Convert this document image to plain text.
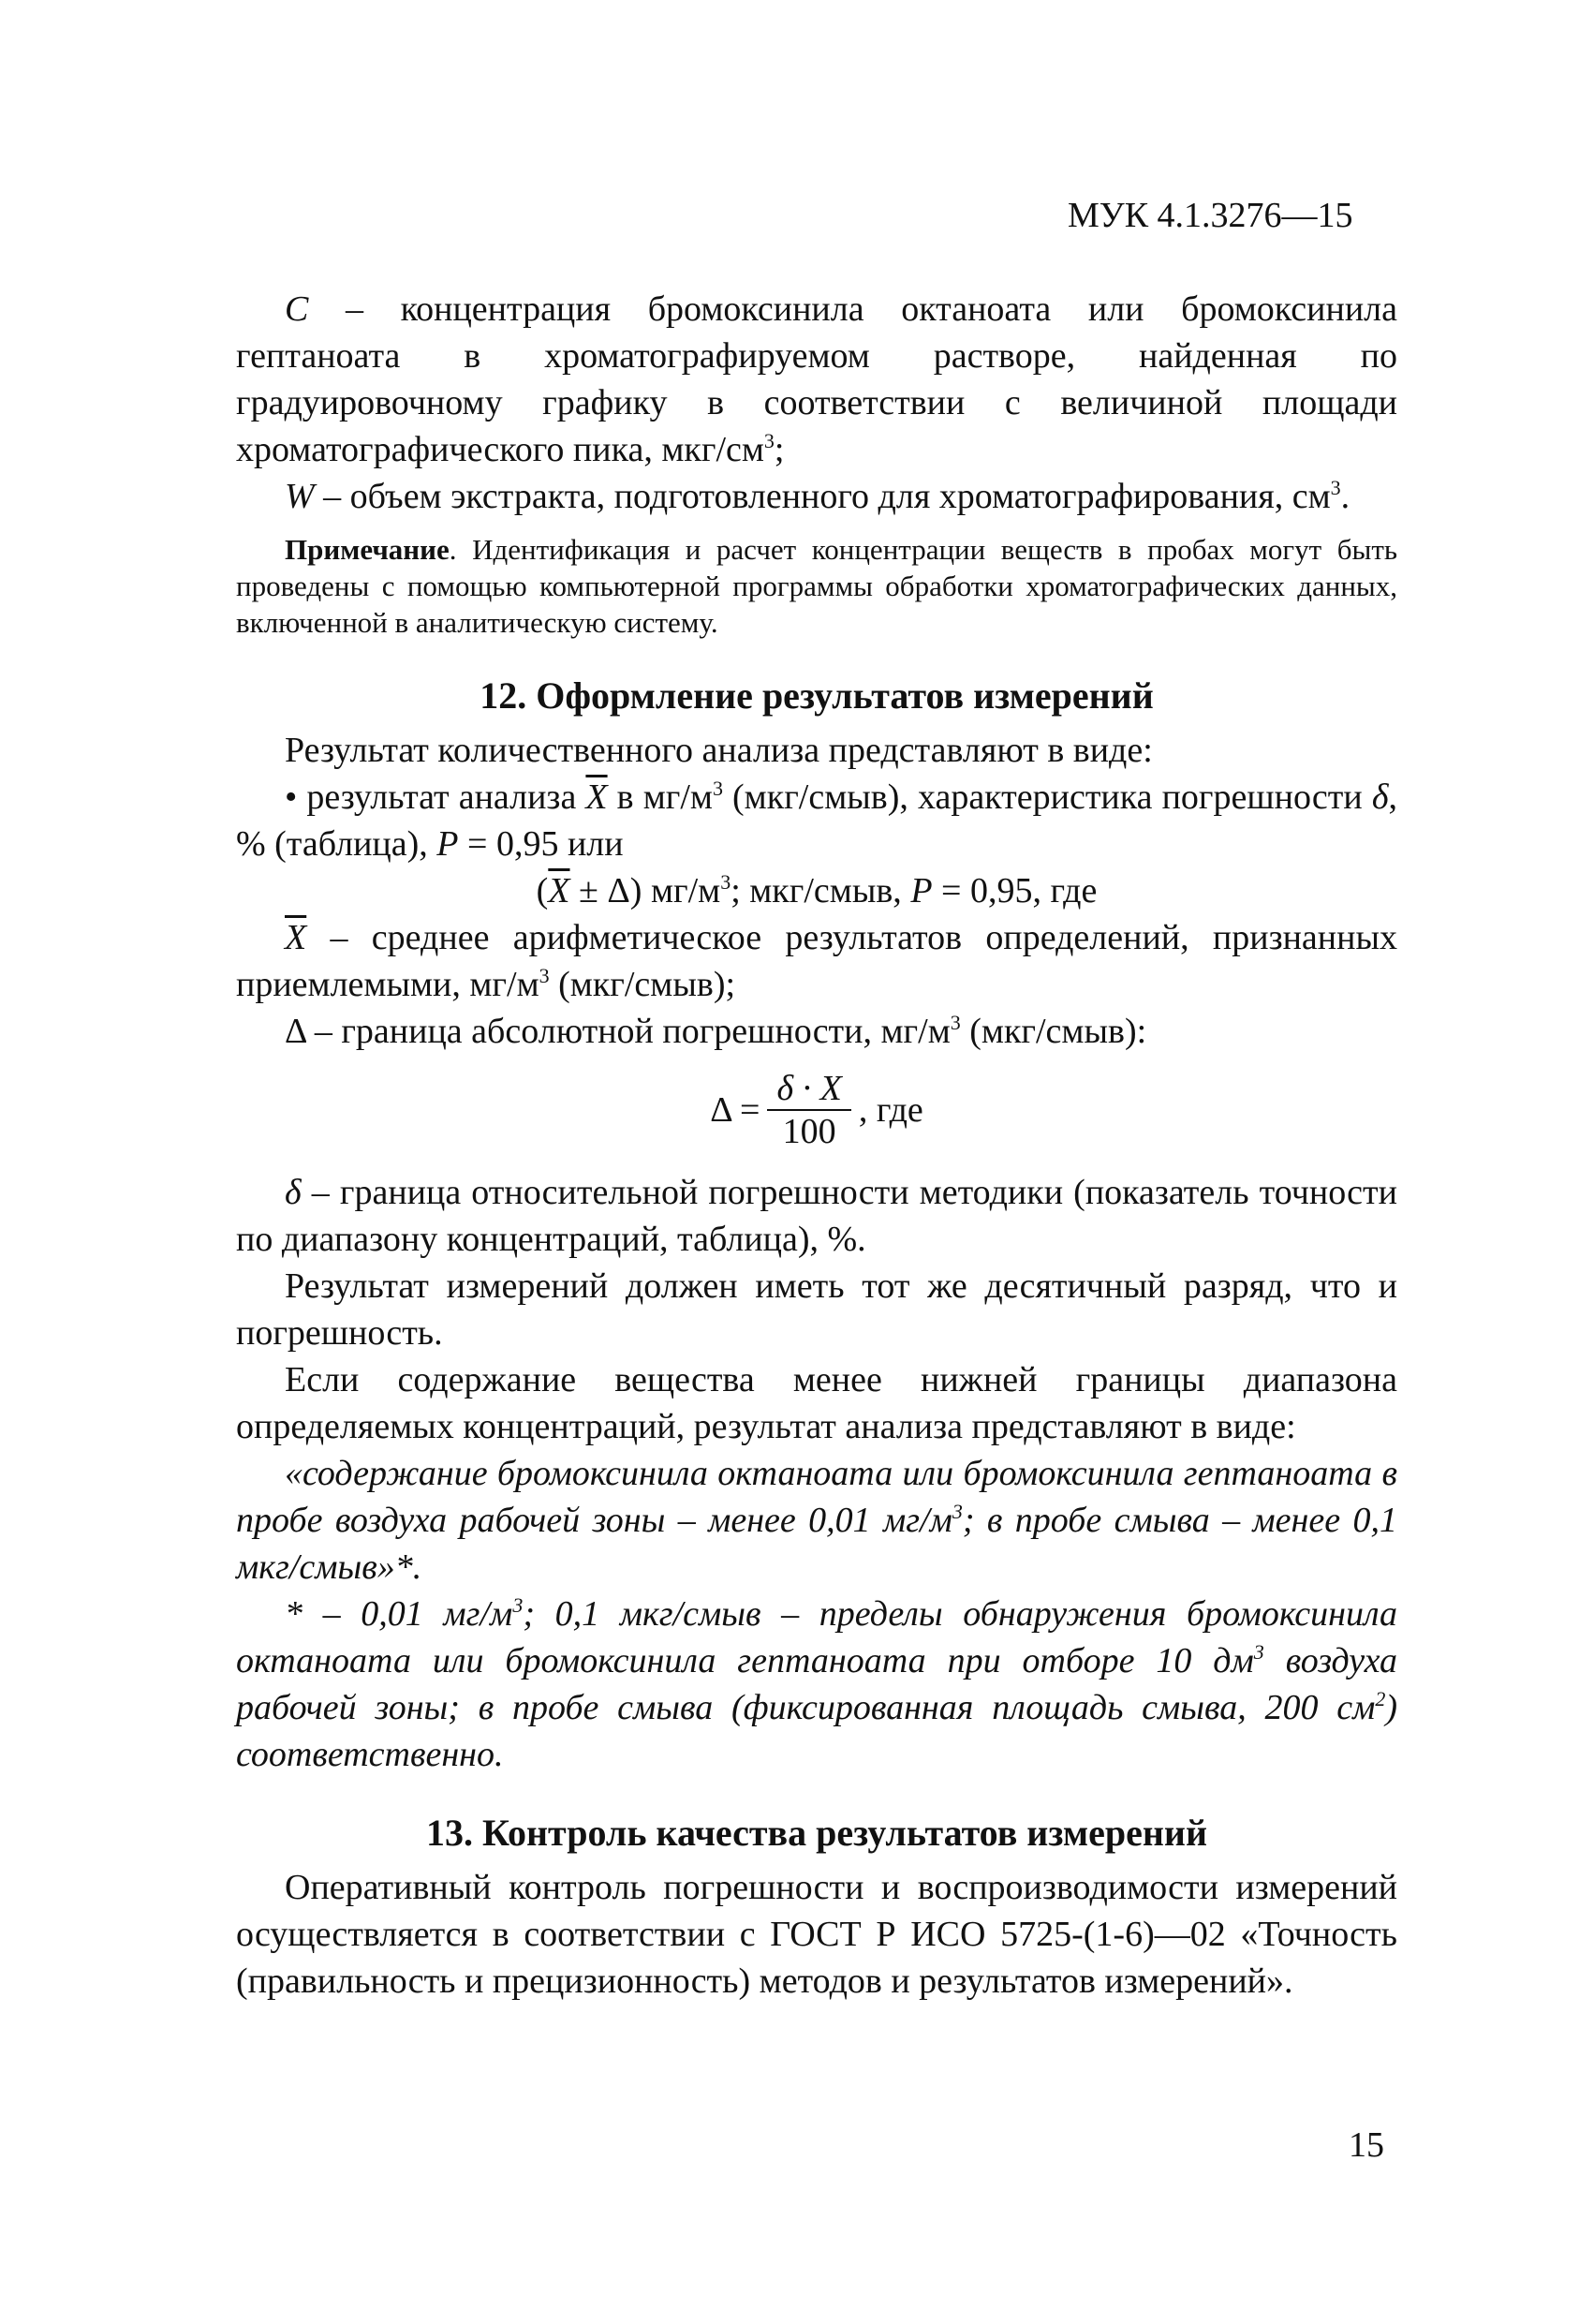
МУК 4.1.3276—15

C – концентрация бромоксинила октаноата или бромоксинила гептаноата в хроматографируемом растворе, найденная по градуировочному графику в соответствии с величиной площади хроматографического пика, мкг/$см^3$;

W – объем экстракта, подготовленного для хроматографирования, $см^3$.

Примечание. Идентификация и расчет концентрации веществ в пробах могут быть проведены с помощью компьютерной программы обработки хроматографических данных, включенной в аналитическую систему.

12. Оформление результатов измерений

Результат количественного анализа представляют в виде:

• результат анализа $\overline{X}$ в $мг/м^3$ (мкг/смыв), характеристика погрешности δ, % (таблица), P = 0,95 или

$(\overline{X} \pm \Delta)$ $мг/м^3$; мкг/смыв, P = 0,95, где

$\overline{X}$ – среднее арифметическое результатов определений, признанных приемлемыми, $мг/м^3$ (мкг/смыв);

Δ – граница абсолютной погрешности, $мг/м^3$ (мкг/смыв):

$\Delta = \frac{\delta \cdot X}{100}$ , где

δ – граница относительной погрешности методики (показатель точности по диапазону концентраций, таблица), %.

Результат измерений должен иметь тот же десятичный разряд, что и погрешность.

Если содержание вещества менее нижней границы диапазона определяемых концентраций, результат анализа представляют в виде:

«содержание бромоксинила октаноата или бромоксинила гептаноата в пробе воздуха рабочей зоны – менее 0,01 $мг/м^3$; в пробе смыва – менее 0,1 мкг/смыв»*.

* – 0,01 $мг/м^3$; 0,1 мкг/смыв – пределы обнаружения бромоксинила октаноата или бромоксинила гептаноата при отборе 10 $дм^3$ воздуха рабочей зоны; в пробе смыва (фиксированная площадь смыва, 200 $см^2$) соответственно.

13. Контроль качества результатов измерений

Оперативный контроль погрешности и воспроизводимости измерений осуществляется в соответствии с ГОСТ Р ИСО 5725-(1-6)—02 «Точность (правильность и прецизионность) методов и результатов измерений».

15
